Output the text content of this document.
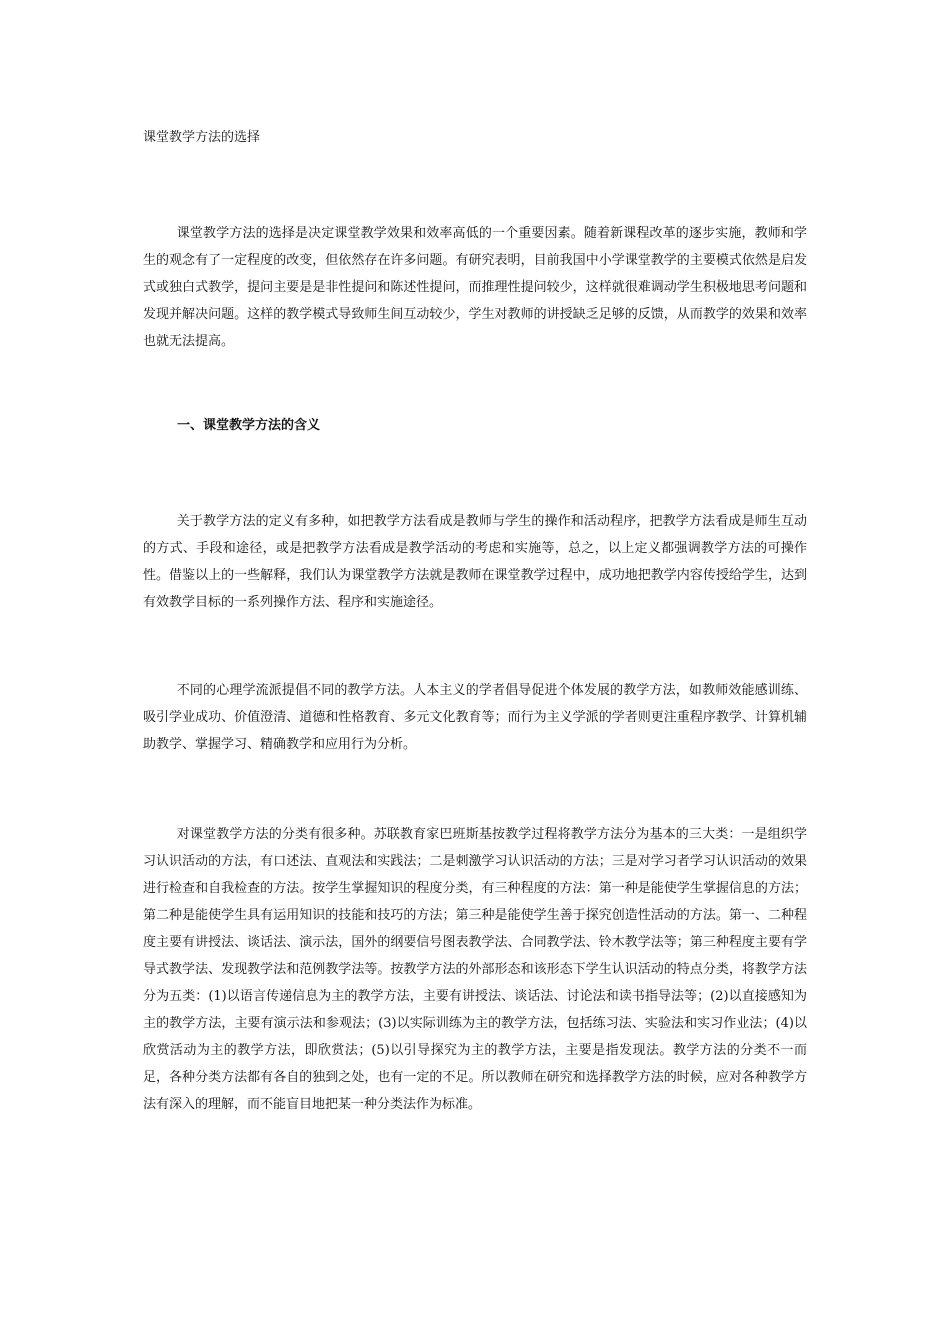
课堂教学方法的选择

课堂教学方法的选择是决定课堂教学效果和效率高低的一个重要因素。随着新课程改革的逐步实施，教师和学生的观念有了一定程度的改变，但依然存在许多问题。有研究表明，目前我国中小学课堂教学的主要模式依然是启发式或独白式教学，提问主要是是非性提问和陈述性提问，而推理性提问较少，这样就很难调动学生积极地思考问题和发现并解决问题。这样的教学模式导致师生间互动较少，学生对教师的讲授缺乏足够的反馈，从而教学的效果和效率也就无法提高。

一、课堂教学方法的含义

关于教学方法的定义有多种，如把教学方法看成是教师与学生的操作和活动程序，把教学方法看成是师生互动的方式、手段和途径，或是把教学方法看成是教学活动的考虑和实施等，总之，以上定义都强调教学方法的可操作性。借鉴以上的一些解释，我们认为课堂教学方法就是教师在课堂教学过程中，成功地把教学内容传授给学生，达到有效教学目标的一系列操作方法、程序和实施途径。

不同的心理学流派提倡不同的教学方法。人本主义的学者倡导促进个体发展的教学方法，如教师效能感训练、吸引学业成功、价值澄清、道德和性格教育、多元文化教育等；而行为主义学派的学者则更注重程序教学、计算机辅助教学、掌握学习、精确教学和应用行为分析。

对课堂教学方法的分类有很多种。苏联教育家巴班斯基按教学过程将教学方法分为基本的三大类：一是组织学习认识活动的方法，有口述法、直观法和实践法；二是刺激学习认识活动的方法；三是对学习者学习认识活动的效果进行检查和自我检查的方法。按学生掌握知识的程度分类，有三种程度的方法：第一种是能使学生掌握信息的方法；第二种是能使学生具有运用知识的技能和技巧的方法；第三种是能使学生善于探究创造性活动的方法。第一、二种程度主要有讲授法、谈话法、演示法，国外的纲要信号图表教学法、合同教学法、铃木教学法等；第三种程度主要有学导式教学法、发现教学法和范例教学法等。按教学方法的外部形态和该形态下学生认识活动的特点分类，将教学方法分为五类：(1)以语言传递信息为主的教学方法，主要有讲授法、谈话法、讨论法和读书指导法等；(2)以直接感知为主的教学方法，主要有演示法和参观法；(3)以实际训练为主的教学方法，包括练习法、实验法和实习作业法；(4)以欣赏活动为主的教学方法，即欣赏法；(5)以引导探究为主的教学方法，主要是指发现法。教学方法的分类不一而足，各种分类方法都有各自的独到之处，也有一定的不足。所以教师在研究和选择教学方法的时候，应对各种教学方法有深入的理解，而不能盲目地把某一种分类法作为标准。
